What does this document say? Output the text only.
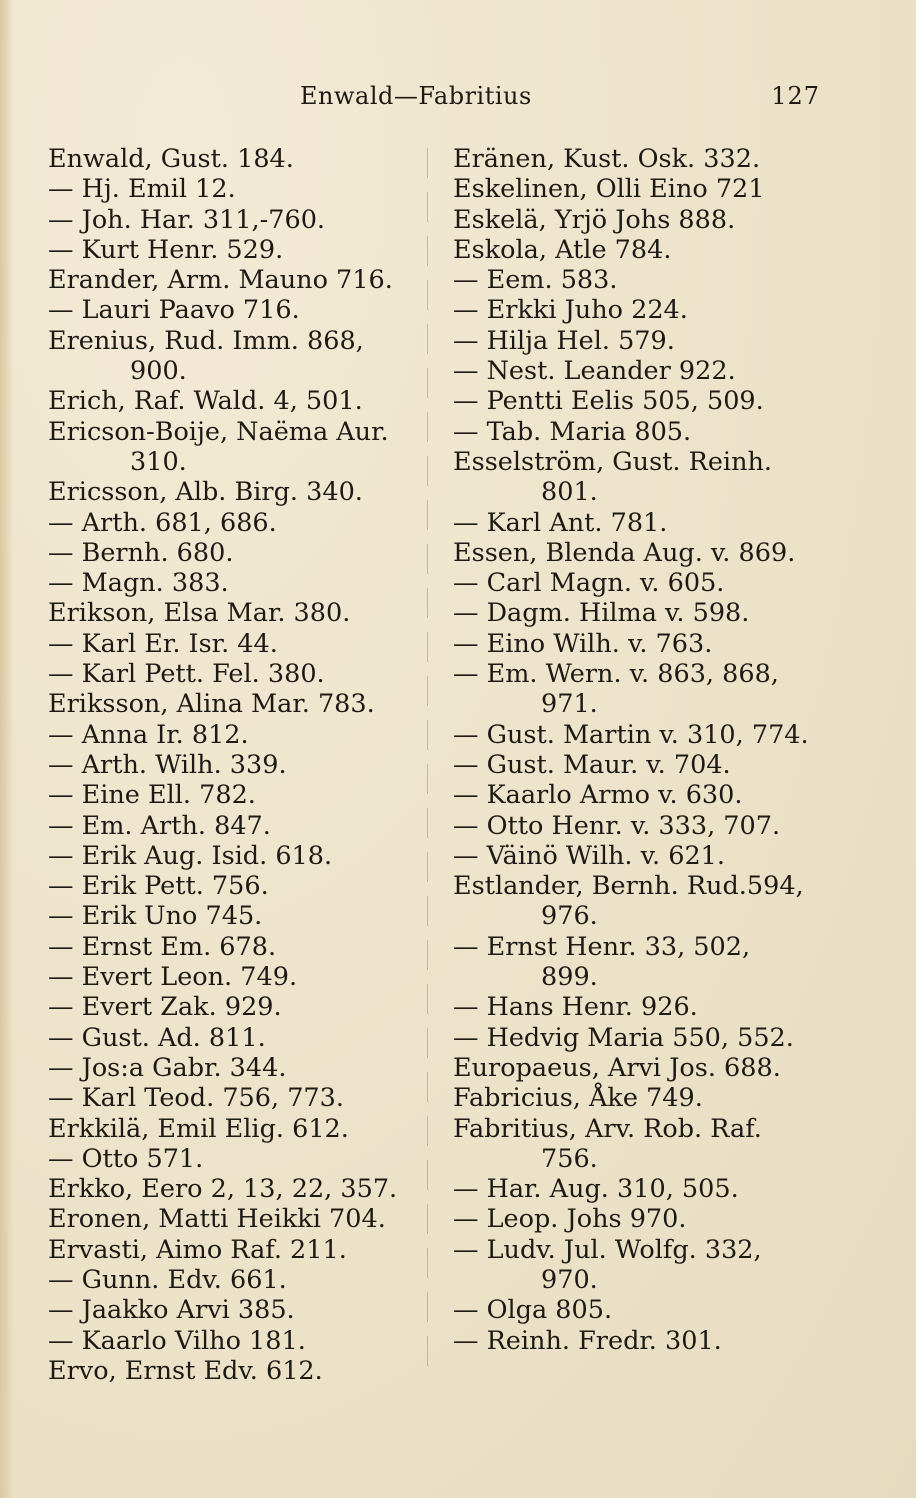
Enwald—Fabritius	127
Enwald, Gust. 184.
— Hj. Emil 12.
— Joh. Har. 311,-760.
— Kurt Henr. 529.
Erander, Arm. Mauno 716.
— Lauri Paavo 716.
Erenius, Rud. Imm. 868,
900.
Erich, Raf. Wald. 4, 501.
Ericson-Boije, Naëma Aur.
310.
Ericsson, Alb. Birg. 340.
— Arth. 681, 686.
— Bernh. 680.
— Magn. 383.
Erikson, Elsa Mar. 380.
— Karl Er. Isr. 44.
— Karl Pett. Fel. 380.
Eriksson, Alina Mar. 783.
— Anna Ir. 812.
— Arth. Wilh. 339.
— Eine Ell. 782.
— Em. Arth. 847.
— Erik Aug. Isid. 618.
— Erik Pett. 756.
— Erik Uno 745.
— Ernst Em. 678.
— Evert Leon. 749.
— Evert Zak. 929.
— Gust. Ad. 811.
— Jos:a Gabr. 344.
— Karl Teod. 756, 773.
Erkkilä, Emil Elig. 612.
— Otto 571.
Erkko, Eero 2, 13, 22, 357.
Eronen, Matti Heikki 704.
Ervasti, Aimo Raf. 211.
— Gunn. Edv. 661.
— Jaakko Arvi 385.
— Kaarlo Vilho 181.
Ervo, Ernst Edv. 612.
Eränen, Kust. Osk. 332.
Eskelinen, Olli Eino 721
Eskelä, Yrjö Johs 888.
Eskola, Atle 784.
— Eem. 583.
— Erkki Juho 224.
— Hilja Hel. 579.
— Nest. Leander 922.
— Pentti Eelis 505, 509.
— Tab. Maria 805.
Esselström, Gust. Reinh.
801.
— Karl Ant. 781.
Essen, Blenda Aug. v. 869.
— Carl Magn. v. 605.
— Dagm. Hilma v. 598.
— Eino Wilh. v. 763.
— Em. Wern. v. 863, 868,
971.
— Gust. Martin v. 310, 774.
— Gust. Maur. v. 704.
— Kaarlo Armo v. 630.
— Otto Henr. v. 333, 707.
— Väinö Wilh. v. 621.
Estlander, Bernh. Rud.594,
976.
— Ernst Henr. 33, 502,
899.
— Hans Henr. 926.
— Hedvig Maria 550, 552.
Europaeus, Arvi Jos. 688.
Fabricius, Åke 749.
Fabritius, Arv. Rob. Raf.
756.
— Har. Aug. 310, 505.
— Leop. Johs 970.
— Ludv. Jul. Wolfg. 332,
970.
— Olga 805.
— Reinh. Fredr. 301.
